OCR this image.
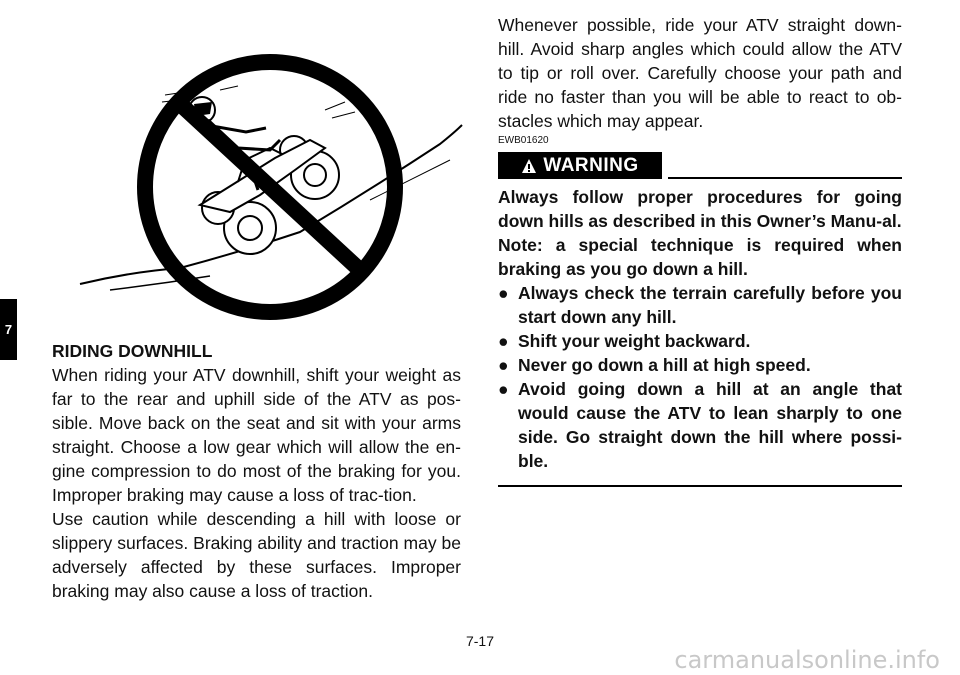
7
RIDING DOWNHILL

When riding your ATV downhill, shift your weight as far to the rear and uphill side of the ATV as pos-sible. Move back on the seat and sit with your arms straight. Choose a low gear which will allow the en-gine compression to do most of the braking for you. Improper braking may cause a loss of trac-tion.

Use caution while descending a hill with loose or slippery surfaces. Braking ability and traction may be adversely affected by these surfaces. Improper braking may also cause a loss of traction.

Whenever possible, ride your ATV straight down-hill. Avoid sharp angles which could allow the ATV to tip or roll over. Carefully choose your path and ride no faster than you will be able to react to ob-stacles which may appear.

EWB01620
WARNING

Always follow proper procedures for going down hills as described in this Owner’s Manu-al.

Note: a special technique is required when braking as you go down a hill.

● Always check the terrain carefully before you start down any hill.
● Shift your weight backward.
● Never go down a hill at high speed.
● Avoid going down a hill at an angle that would cause the ATV to lean sharply to one side. Go straight down the hill where possi-ble.
7-17
carmanualsonline.info
